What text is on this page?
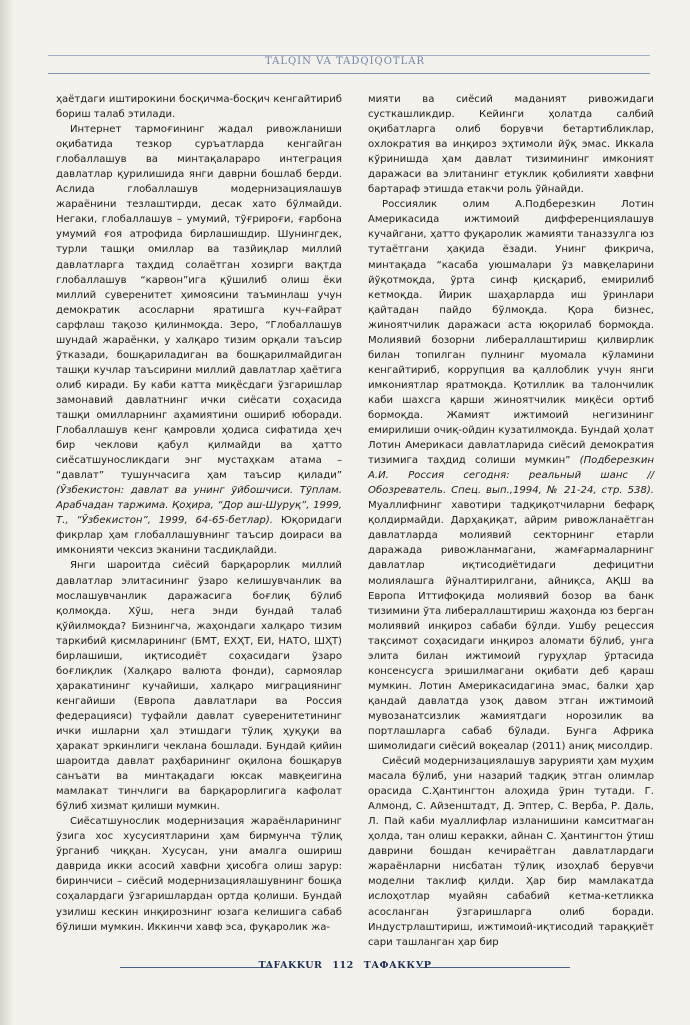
TALQIN VA TADQIQOTLAR

ҳаётдаги иштирокини босқичма-босқич кенгайтириб бориш талаб этилади.

Интернет тармоғининг жадал ривожланиши оқибатида тезкор суръатларда кенгайган глобаллашув ва минтақалараро интеграция давлатлар қурилишида янги даврни бошлаб берди. Аслида глобаллашув модернизациялашув жараёнини тезлаштирди, десак хато бўлмайди. Негаки, глобаллашув – умумий, тўғрироғи, ғарбона умумий ғоя атрофида бирлашишдир. Шунингдек, турли ташқи омиллар ва тазйиқлар миллий давлатларга таҳдид солаётган хозирги вақтда глобаллашув “карвон”ига қўшилиб олиш ёки миллий суверенитет ҳимоясини таъминлаш учун демократик асосларни яратишга куч-ғайрат сарфлаш тақозо қилинмоқда. Зеро, “Глобаллашув шундай жараёнки, у халқаро тизим орқали таъсир ўтказади, бошқариладиган ва бошқарилмайдиган ташқи кучлар таъсирини миллий давлатлар ҳаётига олиб киради. Бу каби катта миқёсдаги ўзгаришлар замонавий давлатнинг ички сиёсати соҳасида ташқи омилларнинг аҳамиятини ошириб юборади. Глобаллашув кенг қамровли ҳодиса сифатида ҳеч бир чеклови қабул қилмайди ва ҳатто сиёсатшуносликдаги энг мустаҳкам атама – “давлат” тушунчасига ҳам таъсир қилади” (Ўзбекистон: давлат ва унинг ўйбошчиси. Тўплам. Арабчадан таржима. Қоҳира, “Дор аш-Шуруқ”, 1999, Т., “Ўзбекистон”, 1999, 64-65-бетлар). Юқоридаги фикрлар ҳам глобаллашувнинг таъсир доираси ва имконияти чексиз эканини тасдиқлайди.

Янги шароитда сиёсий барқарорлик миллий давлатлар элитасининг ўзаро келишувчанлик ва мослашувчанлик даражасига боғлиқ бўлиб қолмоқда. Хўш, нега энди бундай талаб қўйилмоқда? Бизнингча, жаҳондаги халқаро тизим таркибий қисмларининг (БМТ, ЕХҲТ, ЕИ, НАТО, ШҲТ) бирлашиши, иқтисодиёт соҳасидаги ўзаро боғлиқлик (Халқаро валюта фонди), сармоялар ҳаракатининг кучайиши, халқаро миграциянинг кенгайиши (Европа давлатлари ва Россия федерацияси) туфайли давлат суверенитетининг ички ишларни ҳал этишдаги тўлиқ ҳуқуқи ва ҳаракат эркинлиги чеклана бошлади. Бундай қийин шароитда давлат раҳбарининг оқилона бошқарув санъати ва минтақадаги юксак мавқеигина мамлакат тинчлиги ва барқарорлигига кафолат бўлиб хизмат қилиши мумкин.

Сиёсатшунослик модернизация жараёнларининг ўзига хос хусусиятларини ҳам бирмунча тўлиқ ўрганиб чиққан. Хусусан, уни амалга ошириш даврида икки асосий хавфни ҳисобга олиш зарур: биринчиси – сиёсий модернизациялашувнинг бошқа соҳалардаги ўзгаришлардан ортда қолиши. Бундай узилиш кескин инқирознинг юзага келишига сабаб бўлиши мумкин. Иккинчи хавф эса, фуқаролик жа-

мияти ва сиёсий маданият ривожидаги сусткашликдир. Кейинги ҳолатда салбий оқибатларга олиб борувчи бетартибликлар, охлократия ва инқироз эҳтимоли йўқ эмас. Иккала кўринишда ҳам давлат тизимининг имконият даражаси ва элитанинг етуклик қобилияти хавфни бартараф этишда етакчи роль ўйнайди.

Россиялик олим А.Подберезкин Лотин Америкасида ижтимоий дифференциялашув кучайгани, ҳатто фуқаролик жамияти таназзулга юз тутаётгани ҳақида ёзади. Унинг фикрича, минтақада “касаба уюшмалари ўз мавқеларини йўқотмоқда, ўрта синф қисқариб, емирилиб кетмоқда. Йирик шаҳарларда иш ўринлари қайтадан пайдо бўлмоқда. Қора бизнес, жиноятчилик даражаси аста юқорилаб бормоқда. Молиявий бозорни либераллаштириш қилвирлик билан топилган пулнинг муомала кўламини кенгайтириб, коррупция ва қаллоблик учун янги имкониятлар яратмоқда. Қотиллик ва талончилик каби шахсга қарши жиноятчилик миқёси ортиб бормоқда. Жамият ижтимоий негизининг емирилиши очиқ-ойдин кузатилмоқда. Бундай ҳолат Лотин Америкаси давлатларида сиёсий демократия тизимига таҳдид солиши мумкин” (Подберезкин А.И. Россия сегодня: реальный шанс // Обозреватель. Спец. вып.,1994, № 21-24, стр. 538). Муаллифнинг хавотири тадқиқотчиларни бефарқ қолдирмайди. Дарҳақиқат, айрим ривожланаётган давлатларда молиявий секторнинг етарли даражада ривожланмагани, жамғармаларнинг давлатлар иқтисодиётидаги дефицитни молиялашга йўналтирилгани, айниқса, АҚШ ва Европа Иттифоқида молиявий бозор ва банк тизимини ўта либераллаштириш жаҳонда юз берган молиявий инқироз сабаби бўлди. Ушбу рецессия тақсимот соҳасидаги инқироз аломати бўлиб, унга элита билан ижтимоий гуруҳлар ўртасида консенсусга эришилмагани оқибати деб қараш мумкин. Лотин Америкасидагина эмас, балки ҳар қандай давлатда узоқ давом этган ижтимоий мувозанатсизлик жамиятдаги норозилик ва портлашларга сабаб бўлади. Бунга Африка шимолидаги сиёсий воқеалар (2011) аниқ мисолдир.

Сиёсий модернизациялашув зарурияти ҳам муҳим масала бўлиб, уни назарий тадқиқ этган олимлар орасида С.Ҳантингтон алоҳида ўрин тутади. Г. Алмонд, С. Айзенштадт, Д. Эптер, С. Верба, Р. Даль, Л. Пай каби муаллифлар изланишини камситмаган ҳолда, тан олиш керакки, айнан С. Ҳантингтон ўтиш даврини бошдан кечираётган давлатлардаги жараёнларни нисбатан тўлиқ изоҳлаб берувчи моделни таклиф қилди. Ҳар бир мамлакатда ислоҳотлар муайян сабабий кетма-кетликка асосланган ўзгаришларга олиб боради. Индустрлаштириш, ижтимоий-иқтисодий тараққиёт сари ташланган ҳар бир

TAFAKKUR 112 ТАФАККУР
